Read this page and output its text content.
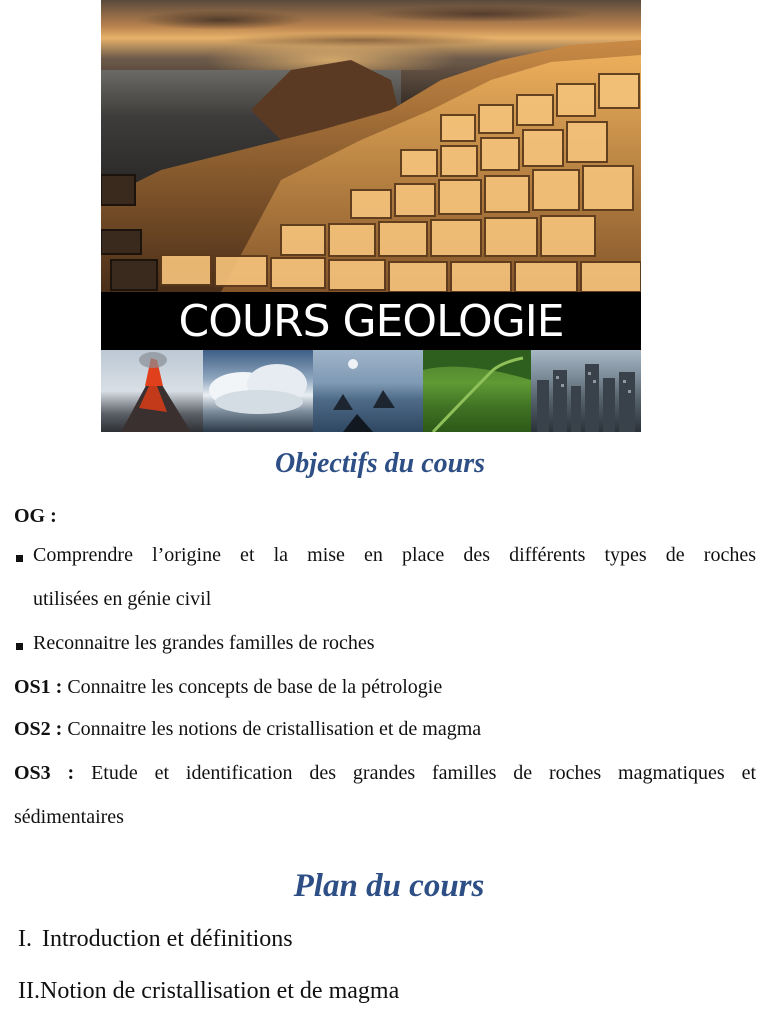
COURS GEOLOGIE
Objectifs du cours
OG :
Comprendre l’origine et la mise en place des différents types de roches
utilisées en génie civil
Reconnaitre les grandes familles de roches
OS1 : Connaitre les concepts de base de la pétrologie
OS2 : Connaitre les notions de cristallisation et de magma
OS3 : Etude et identification des grandes familles de roches magmatiques et
sédimentaires
Plan du cours
I. Introduction et définitions
II.Notion de cristallisation et de magma
